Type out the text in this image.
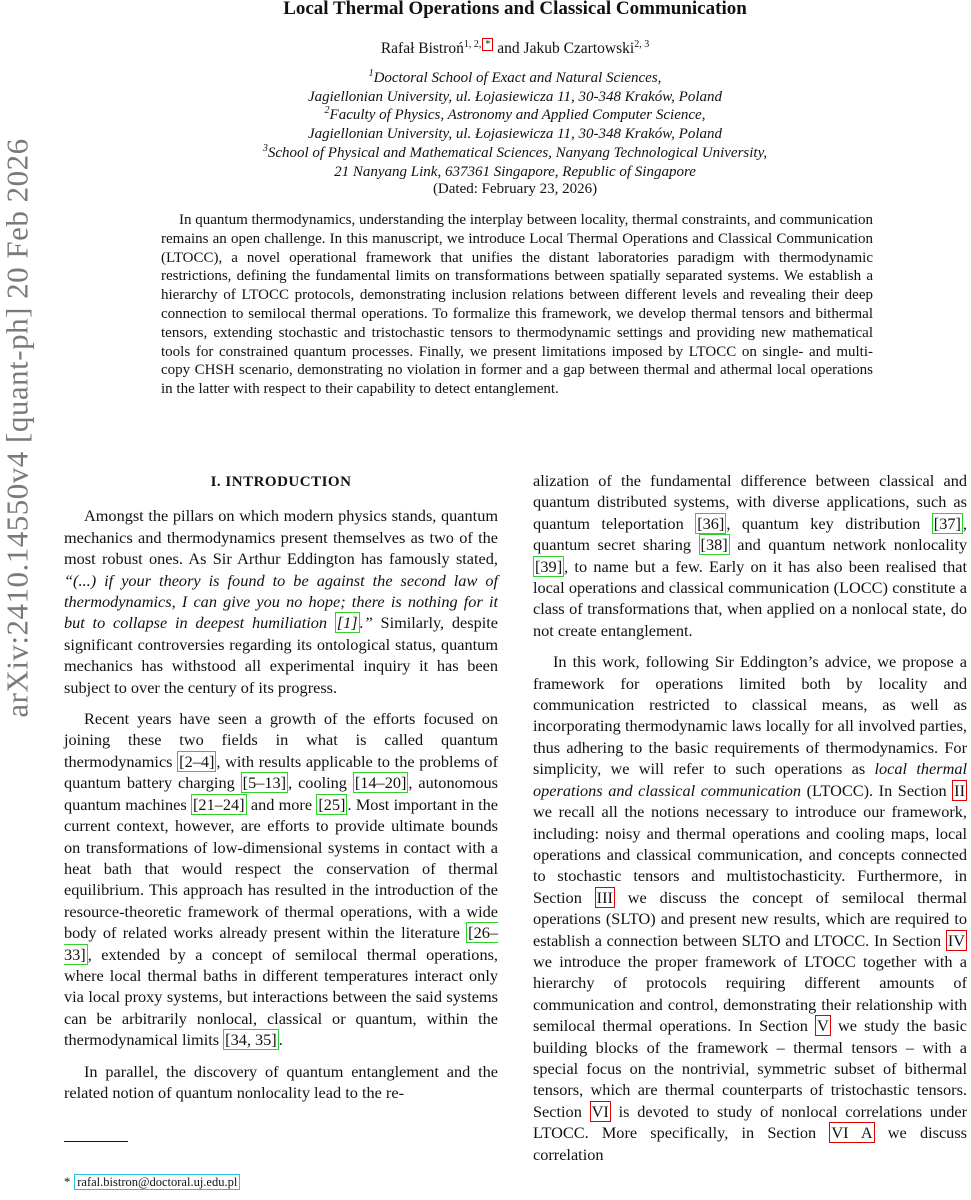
arXiv:2410.14550v4 [quant-ph] 20 Feb 2026
Local Thermal Operations and Classical Communication
Rafał Bistroń$^{1, 2, *}$ and Jakub Czartowski$^{2, 3}$
$^1$Doctoral School of Exact and Natural Sciences,
Jagiellonian University, ul. Łojasiewicza 11, 30-348 Kraków, Poland
$^2$Faculty of Physics, Astronomy and Applied Computer Science,
Jagiellonian University, ul. Łojasiewicza 11, 30-348 Kraków, Poland
$^3$School of Physical and Mathematical Sciences, Nanyang Technological University,
21 Nanyang Link, 637361 Singapore, Republic of Singapore
(Dated: February 23, 2026)

In quantum thermodynamics, understanding the interplay between locality, thermal constraints, and communication remains an open challenge. In this manuscript, we introduce Local Thermal Operations and Classical Communication (LTOCC), a novel operational framework that unifies the distant laboratories paradigm with thermodynamic restrictions, defining the fundamental limits on transformations between spatially separated systems. We establish a hierarchy of LTOCC protocols, demonstrating inclusion relations between different levels and revealing their deep connection to semilocal thermal operations. To formalize this framework, we develop thermal tensors and bithermal tensors, extending stochastic and tristochastic tensors to thermodynamic settings and providing new mathematical tools for constrained quantum processes. Finally, we present limitations imposed by LTOCC on single- and multi-copy CHSH scenario, demonstrating no violation in former and a gap between thermal and athermal local operations in the latter with respect to their capability to detect entanglement.

I. INTRODUCTION

Amongst the pillars on which modern physics stands, quantum mechanics and thermodynamics present themselves as two of the most robust ones. As Sir Arthur Eddington has famously stated, “(...) if your theory is found to be against the second law of thermodynamics, I can give you no hope; there is nothing for it but to collapse in deepest humiliation [1] .” Similarly, despite significant controversies regarding its ontological status, quantum mechanics has withstood all experimental inquiry it has been subject to over the century of its progress.

Recent years have seen a growth of the efforts focused on joining these two fields in what is called quantum thermodynamics [2–4] , with results applicable to the problems of quantum battery charging [5–13] , cooling [14–20] , autonomous quantum machines [21–24] and more [25] . Most important in the current context, however, are efforts to provide ultimate bounds on transformations of low-dimensional systems in contact with a heat bath that would respect the conservation of thermal equilibrium. This approach has resulted in the introduction of the resource-theoretic framework of thermal operations, with a wide body of related works already present within the literature [26–33] , extended by a concept of semilocal thermal operations, where local thermal baths in different temperatures interact only via local proxy systems, but interactions between the said systems can be arbitrarily nonlocal, classical or quantum, within the thermodynamical limits [34, 35] .

In parallel, the discovery of quantum entanglement and the related notion of quantum nonlocality lead to the re-

alization of the fundamental difference between classical and quantum distributed systems, with diverse applications, such as quantum teleportation [36] , quantum key distribution [37] , quantum secret sharing [38] and quantum network nonlocality [39] , to name but a few. Early on it has also been realised that local operations and classical communication (LOCC) constitute a class of transformations that, when applied on a nonlocal state, do not create entanglement.

In this work, following Sir Eddington’s advice, we propose a framework for operations limited both by locality and communication restricted to classical means, as well as incorporating thermodynamic laws locally for all involved parties, thus adhering to the basic requirements of thermodynamics. For simplicity, we will refer to such operations as local thermal operations and classical communication (LTOCC). In Section II we recall all the notions necessary to introduce our framework, including: noisy and thermal operations and cooling maps, local operations and classical communication, and concepts connected to stochastic tensors and multistochasticity. Furthermore, in Section III we discuss the concept of semilocal thermal operations (SLTO) and present new results, which are required to establish a connection between SLTO and LTOCC. In Section IV we introduce the proper framework of LTOCC together with a hierarchy of protocols requiring different amounts of communication and control, demonstrating their relationship with semilocal thermal operations. In Section V we study the basic building blocks of the framework – thermal tensors – with a special focus on the nontrivial, symmetric subset of bithermal tensors, which are thermal counterparts of tristochastic tensors. Section VI is devoted to study of nonlocal correlations under LTOCC. More specifically, in Section VI A we discuss correlation

* rafal.bistron@doctoral.uj.edu.pl
